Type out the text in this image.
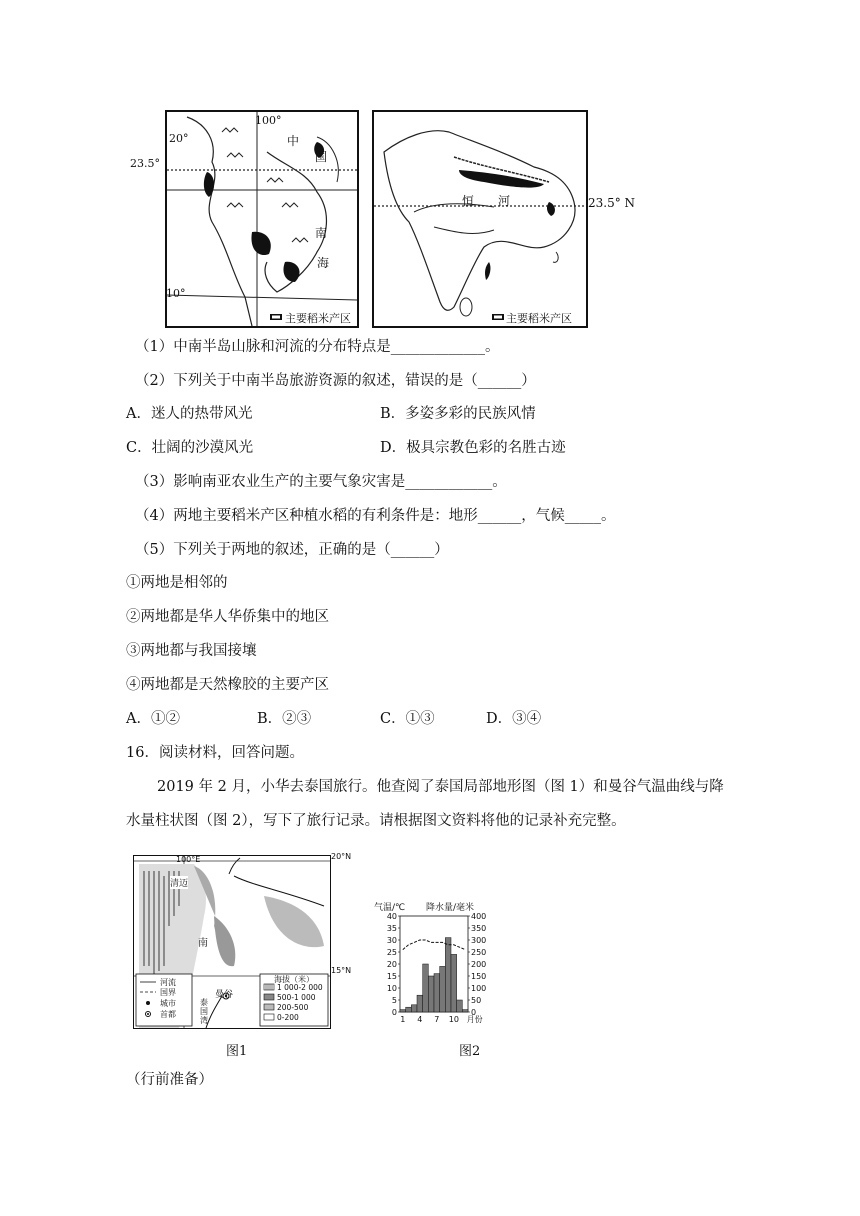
20°
100°
中
国
南
海
主要稻米产区
23.5°
10°
恒 河
主要稻米产区
23.5° N
（1）中南半岛山脉和河流的分布特点是_____________。
（2）下列关于中南半岛旅游资源的叙述，错误的是（______）
A．迷人的热带风光	B．多姿多彩的民族风情
C．壮阔的沙漠风光	D．极具宗教色彩的名胜古迹
（3）影响南亚农业生产的主要气象灾害是____________。
（4）两地主要稻米产区种植水稻的有利条件是：地形______，气候_____。
（5）下列关于两地的叙述，正确的是（______）
①两地是相邻的
②两地都是华人华侨集中的地区
③两地都与我国接壤
④两地都是天然橡胶的主要产区
A．①②	B．②③	C．①③	D．③④
16．阅读材料，回答问题。
2019 年 2 月，小华去泰国旅行。他查阅了泰国局部地形图（图 1）和曼谷气温曲线与降
水量柱状图（图 2），写下了旅行记录。请根据图文资料将他的记录补充完整。
100°E
清迈
南
曼谷
泰国湾
海拔（米）
1 000-2 000
500-1 000
200-500
0-200
河流
国界
城市
首都
20°N
15°N
图1
气温/℃ 降水量/毫米
0
5
10
15
20
25
30
35
40
0
50
100
150
200
250
300
350
400
1 4 7 10 月份
图2
（行前准备）
